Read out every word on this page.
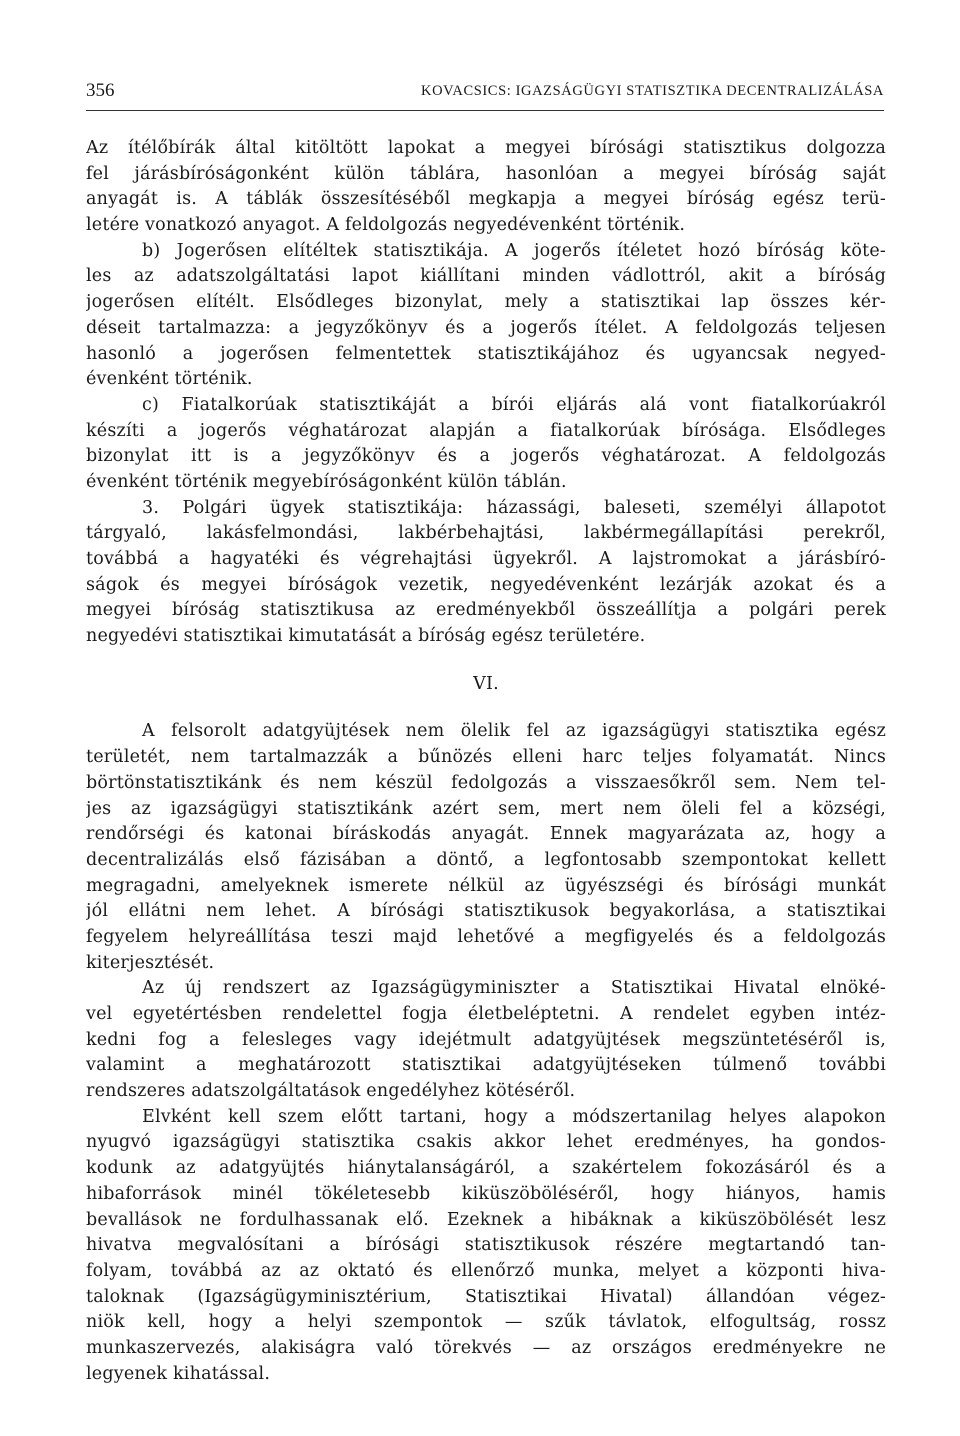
356	KOVACSICS: IGAZSÁGÜGYI STATISZTIKA DECENTRALIZÁLÁSA
Az ítélőbírák által kitöltött lapokat a megyei bírósági statisztikus dolgozza
fel járásbíróságonként külön táblára, hasonlóan a megyei bíróság saját
anyagát is. A táblák összesítéséből megkapja a megyei bíróság egész terü-
letére vonatkozó anyagot. A feldolgozás negyedévenként történik.
b) Jogerősen elítéltek statisztikája. A jogerős ítéletet hozó bíróság köte-
les az adatszolgáltatási lapot kiállítani minden vádlottról, akit a bíróság
jogerősen elítélt. Elsődleges bizonylat, mely a statisztikai lap összes kér-
déseit tartalmazza: a jegyzőkönyv és a jogerős ítélet. A feldolgozás teljesen
hasonló a jogerősen felmentettek statisztikájához és ugyancsak negyed-
évenként történik.
c) Fiatalkorúak statisztikáját a bírói eljárás alá vont fiatalkorúakról
készíti a jogerős véghatározat alapján a fiatalkorúak bírósága. Elsődleges
bizonylat itt is a jegyzőkönyv és a jogerős véghatározat. A feldolgozás
évenként történik megyebíróságonként külön táblán.
3. Polgári ügyek statisztikája: házassági, baleseti, személyi állapotot
tárgyaló, lakásfelmondási, lakbérbehajtási, lakbérmegállapítási perekről,
továbbá a hagyatéki és végrehajtási ügyekről. A lajstromokat a járásbíró-
ságok és megyei bíróságok vezetik, negyedévenként lezárják azokat és a
megyei bíróság statisztikusa az eredményekből összeállítja a polgári perek
negyedévi statisztikai kimutatását a bíróság egész területére.
VI.
A felsorolt adatgyüjtések nem ölelik fel az igazságügyi statisztika egész
területét, nem tartalmazzák a bűnözés elleni harc teljes folyamatát. Nincs
börtönstatisztikánk és nem készül fedolgozás a visszaesőkről sem. Nem tel-
jes az igazságügyi statisztikánk azért sem, mert nem öleli fel a községi,
rendőrségi és katonai bíráskodás anyagát. Ennek magyarázata az, hogy a
decentralizálás első fázisában a döntő, a legfontosabb szempontokat kellett
megragadni, amelyeknek ismerete nélkül az ügyészségi és bírósági munkát
jól ellátni nem lehet. A bírósági statisztikusok begyakorlása, a statisztikai
fegyelem helyreállítása teszi majd lehetővé a megfigyelés és a feldolgozás
kiterjesztését.
Az új rendszert az Igazságügyminiszter a Statisztikai Hivatal elnöké-
vel egyetértésben rendelettel fogja életbeléptetni. A rendelet egyben intéz-
kedni fog a felesleges vagy idejétmult adatgyüjtések megszüntetéséről is,
valamint a meghatározott statisztikai adatgyüjtéseken túlmenő további
rendszeres adatszolgáltatások engedélyhez kötéséről.
Elvként kell szem előtt tartani, hogy a módszertanilag helyes alapokon
nyugvó igazságügyi statisztika csakis akkor lehet eredményes, ha gondos-
kodunk az adatgyüjtés hiánytalanságáról, a szakértelem fokozásáról és a
hibaforrások minél tökéletesebb kiküszöböléséről, hogy hiányos, hamis
bevallások ne fordulhassanak elő. Ezeknek a hibáknak a kiküszöbölését lesz
hivatva megvalósítani a bírósági statisztikusok részére megtartandó tan-
folyam, továbbá az az oktató és ellenőrző munka, melyet a központi hiva-
taloknak (Igazságügyminisztérium, Statisztikai Hivatal) állandóan végez-
niök kell, hogy a helyi szempontok — szűk távlatok, elfogultság, rossz
munkaszervezés, alakiságra való törekvés — az országos eredményekre ne
legyenek kihatással.
